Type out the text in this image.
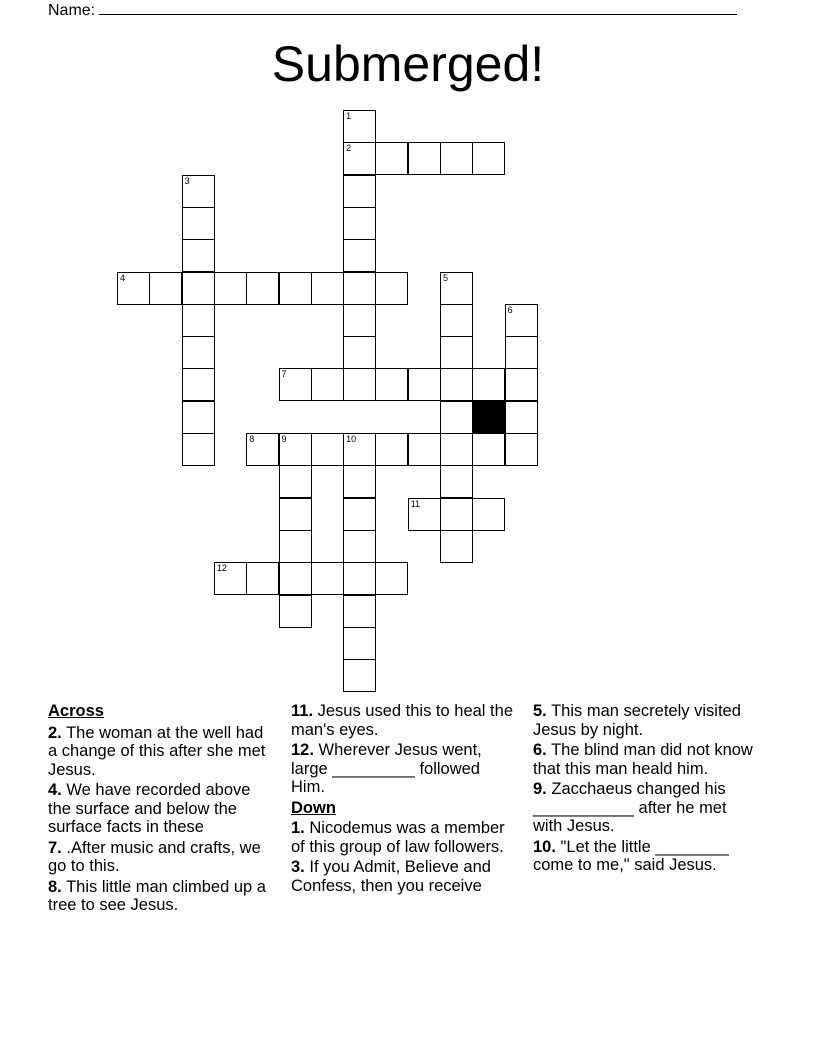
Name:
Submerged!
1
2
3
4	5
6
7
8	9	10
11
12
Across
2. The woman at the well had a change of this after she met Jesus.
4. We have recorded above the surface and below the surface facts in these
7. .After music and crafts, we go to this.
8. This little man climbed up a tree to see Jesus.
11. Jesus used this to heal the man's eyes.
12. Wherever Jesus went, large _________ followed Him.
Down
1. Nicodemus was a member of this group of law followers.
3. If you Admit, Believe and Confess, then you receive
5. This man secretely visited Jesus by night.
6. The blind man did not know that this man heald him.
9. Zacchaeus changed his ___________ after he met with Jesus.
10. "Let the little ________ come to me," said Jesus.
